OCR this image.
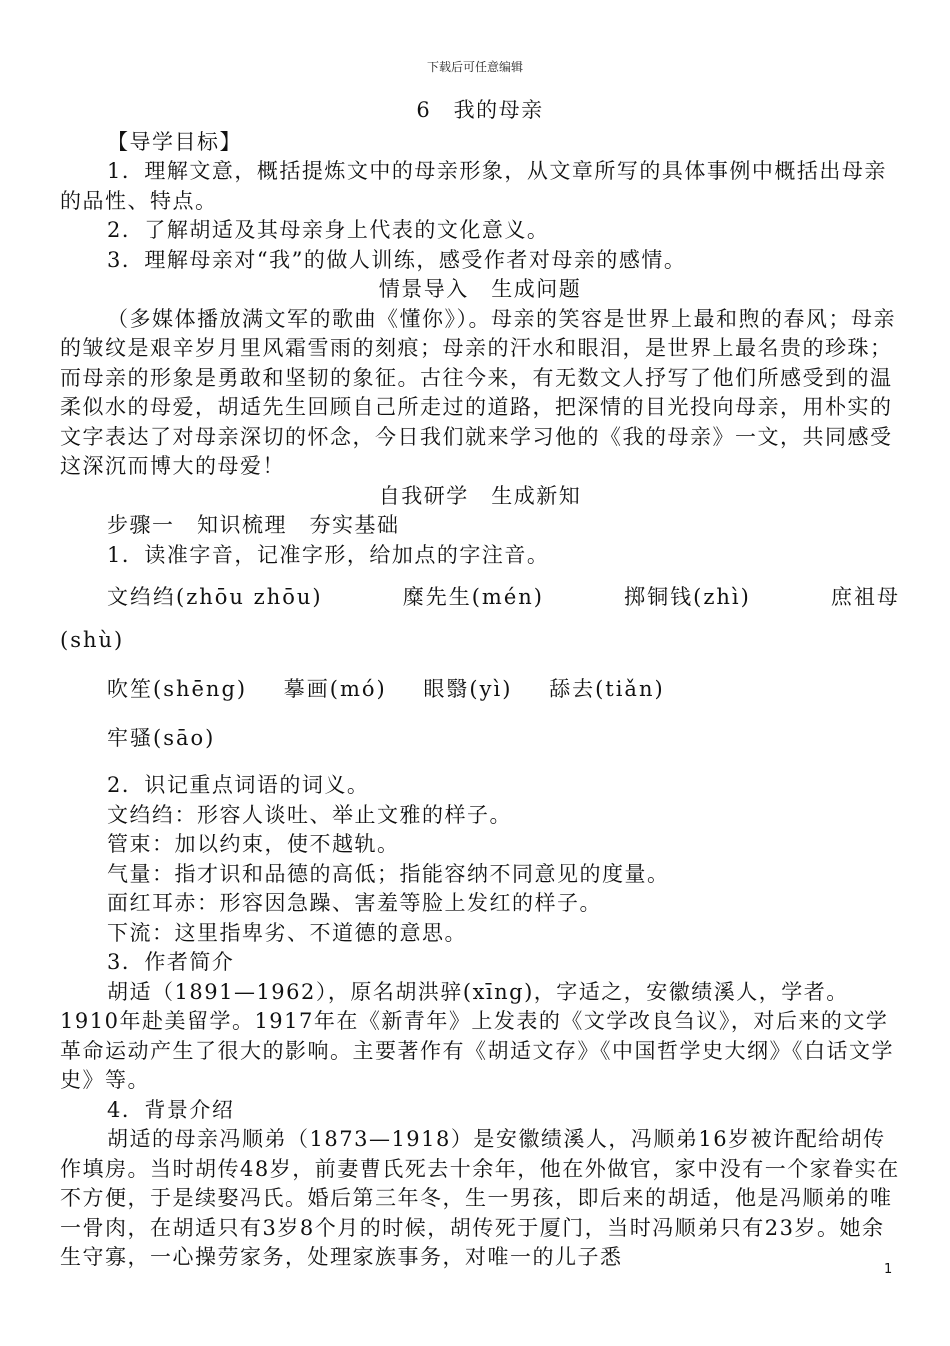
下载后可任意编辑

6　我的母亲

【导学目标】

1．理解文意，概括提炼文中的母亲形象，从文章所写的具体事例中概括出母亲的品性、特点。

2．了解胡适及其母亲身上代表的文化意义。

3．理解母亲对“我”的做人训练，感受作者对母亲的感情。

情景导入　生成问题

（多媒体播放满文军的歌曲《懂你》）。母亲的笑容是世界上最和煦的春风；母亲的皱纹是艰辛岁月里风霜雪雨的刻痕；母亲的汗水和眼泪，是世界上最名贵的珍珠；而母亲的形象是勇敢和坚韧的象征。古往今来，有无数文人抒写了他们所感受到的温柔似水的母爱，胡适先生回顾自己所走过的道路，把深情的目光投向母亲，用朴实的文字表达了对母亲深切的怀念，今日我们就来学习他的《我的母亲》一文，共同感受这深沉而博大的母爱！

自我研学　生成新知

步骤一　知识梳理　夯实基础

1．读准字音，记准字形，给加点的字注音。

文绉绉(zhōu zhōu)	糜先生(mén)	掷铜钱(zhì)	庶祖母

(shù)

吹笙(shēng) 摹画(mó) 眼翳(yì) 舔去(tiǎn)

牢骚(sāo)

2．识记重点词语的词义。

文绉绉：形容人谈吐、举止文雅的样子。

管束：加以约束，使不越轨。

气量：指才识和品德的高低；指能容纳不同意见的度量。

面红耳赤：形容因急躁、害羞等脸上发红的样子。

下流：这里指卑劣、不道德的意思。

3．作者简介

胡适（1891—1962），原名胡洪骍(xīng)，字适之，安徽绩溪人，学者。1910年赴美留学。1917年在《新青年》上发表的《文学改良刍议》，对后来的文学革命运动产生了很大的影响。主要著作有《胡适文存》《中国哲学史大纲》《白话文学史》等。

4．背景介绍

胡适的母亲冯顺弟（1873—1918）是安徽绩溪人，冯顺弟16岁被许配给胡传作填房。当时胡传48岁，前妻曹氏死去十余年，他在外做官，家中没有一个家眷实在不方便，于是续娶冯氏。婚后第三年冬，生一男孩，即后来的胡适，他是冯顺弟的唯一骨肉，在胡适只有3岁8个月的时候，胡传死于厦门，当时冯顺弟只有23岁。她余生守寡，一心操劳家务，处理家族事务，对唯一的儿子悉

1
